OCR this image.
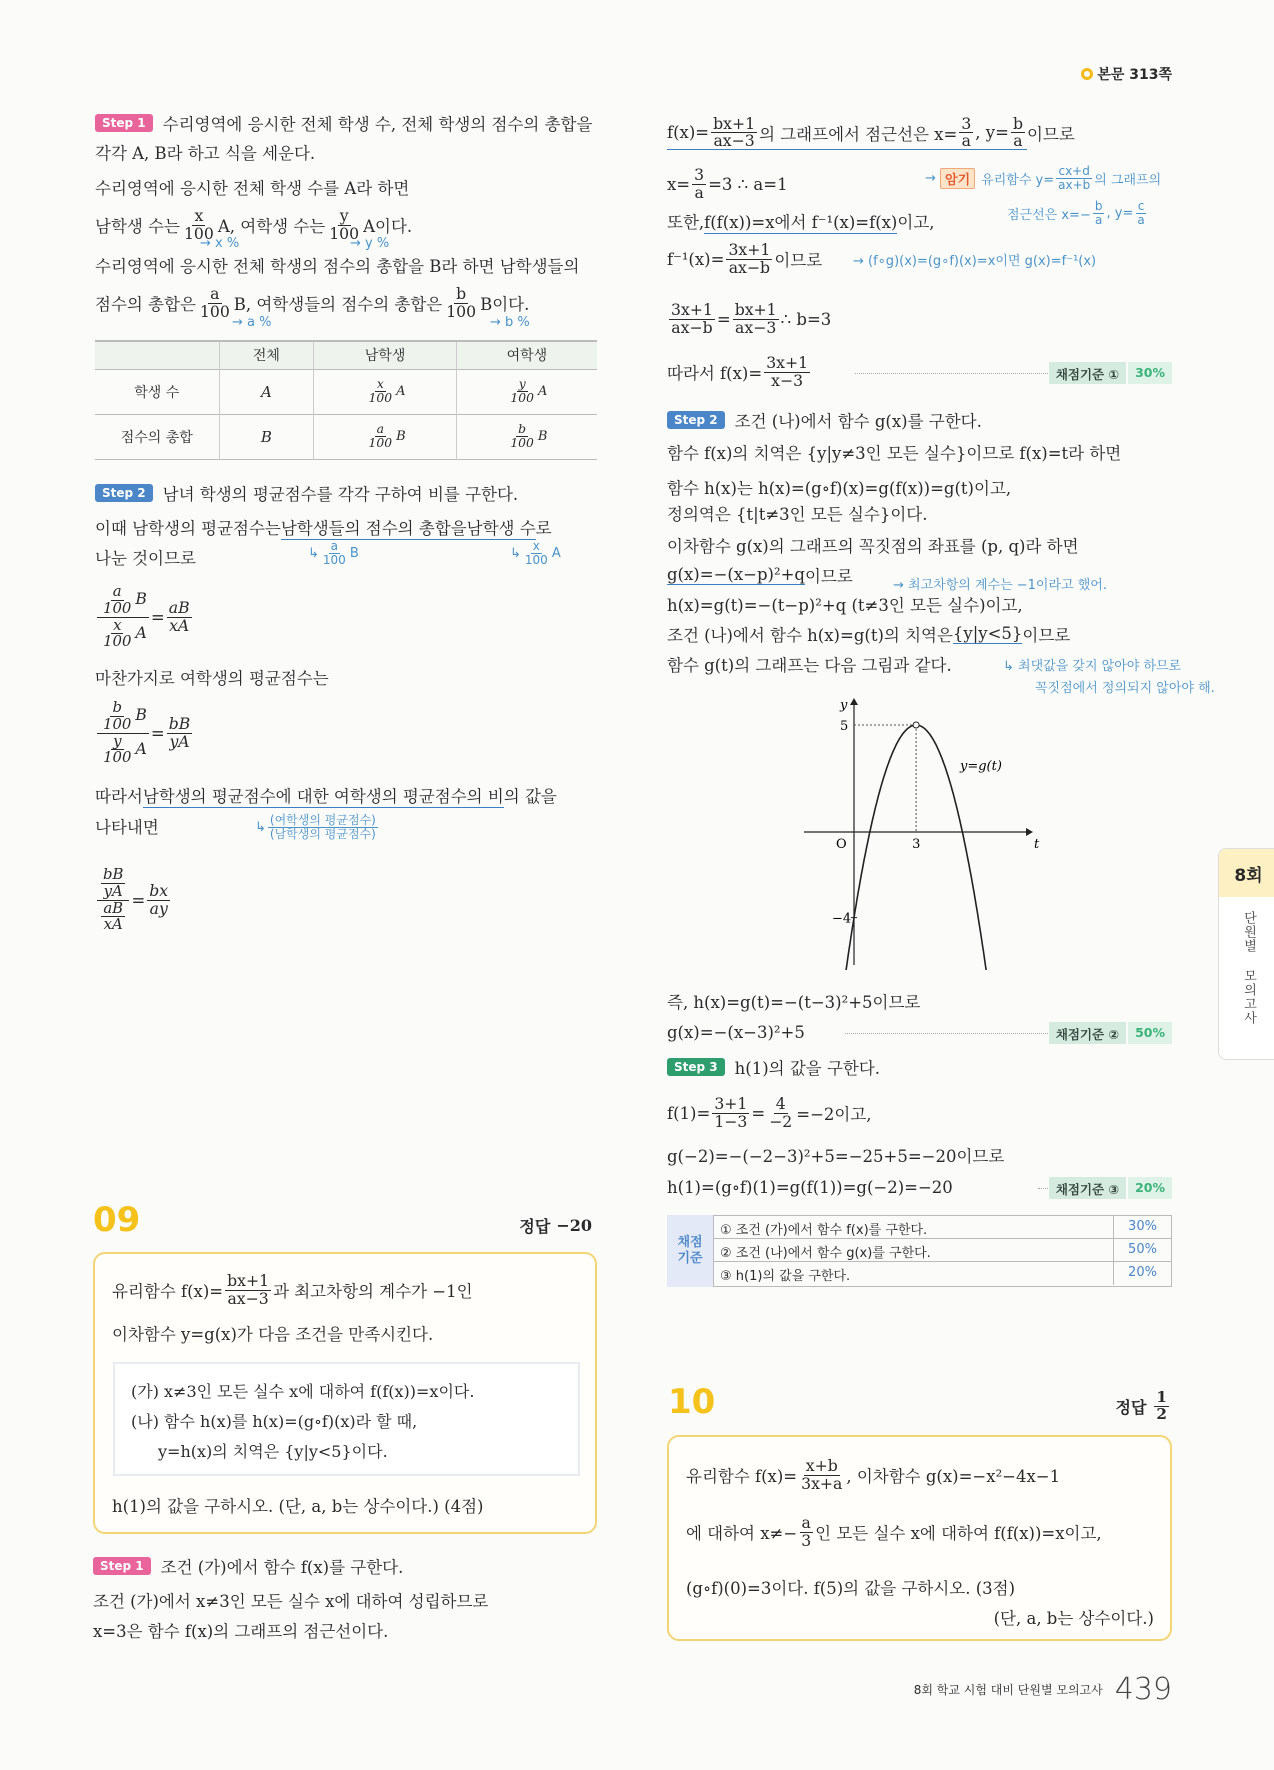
본문 313쪽
Step 1	수리영역에 응시한 전체 학생 수, 전체 학생의 점수의 총합을
각각 A, B라 하고 식을 세운다.
수리영역에 응시한 전체 학생 수를 A라 하면
남학생 수는 $\frac{x}{100} A$, 여학생 수는 $\frac{y}{100}$ A이다.
→ x %	→ y %
수리영역에 응시한 전체 학생의 점수의 총합을 B라 하면 남학생들의
점수의 총합은 $\frac{a}{100} B$, 여학생들의 점수의 총합은 $\frac{b}{100}$ B이다.
→ a %	→ b %
	전체	남학생	여학생
학생 수	A	$\frac{x}{100}$ A	$\frac{y}{100}$ A
점수의 총합	B	$\frac{a}{100}$ B	$\frac{b}{100}$ B
Step 2	남녀 학생의 평균점수를 각각 구하여 비를 구한다.
이때 남학생의 평균점수는 남학생들의 점수의 총합을 남학생 수 로
↳ $\frac{a}{100}$ B	↳ $\frac{x}{100}$ A
나눈 것이므로
$\frac{\frac{a}{100} B}{\frac{x}{100} A} = \frac{aB}{xA}$
마찬가지로 여학생의 평균점수는
$\frac{\frac{b}{100} B}{\frac{y}{100} A} = \frac{bB}{yA}$
따라서 남학생의 평균점수에 대한 여학생의 평균점수의 비 의 값을
나타내면	↳ $\frac{\text{(여학생의 평균점수)}}{\text{(남학생의 평균점수)}}$
$\frac{\frac{bB}{yA}}{\frac{aB}{xA}} = \frac{bx}{ay}$
09	정답 −20
유리함수 $f(x)= \frac{bx+1}{ax-3}$ 과 최고차항의 계수가 −1인
이차함수 y=g(x)가 다음 조건을 만족시킨다.
(가) x≠3인 모든 실수 x에 대하여 f(f(x))=x이다.
(나) 함수 h(x)를 h(x)=(g∘f)(x)라 할 때,
y=h(x)의 치역은 {y|y<5}이다.
h(1)의 값을 구하시오. (단, a, b는 상수이다.) (4점)
Step 1	조건 (가)에서 함수 f(x)를 구한다.
조건 (가)에서 x≠3인 모든 실수 x에 대하여 성립하므로
x=3은 함수 f(x)의 그래프의 점근선이다.
$f(x)= \frac{bx+1}{ax-3}$ 의 그래프에서 점근선은 $x= \frac{3}{a}$ , $y= \frac{b}{a}$ 이므로
→ 암기 유리함수 $y= \frac{cx+d}{ax+b}$ 의 그래프의
점근선은 $x=- \frac{b}{a}$ , $y= \frac{c}{a}$
$x= \frac{3}{a} =3$ ∴ a=1
또한, f(f(x))=x에서 f⁻¹(x)=f(x) 이고,
$f^{-1}(x)= \frac{3x+1}{ax-b}$ 이므로 → (f∘g)(x)=(g∘f)(x)=x이면 g(x)=f⁻¹(x)
$\frac{3x+1}{ax-b} = \frac{bx+1}{ax-3}$ ∴ b=3
따라서 $f(x)= \frac{3x+1}{x-3}$	채점기준 ①	30%
Step 2	조건 (나)에서 함수 g(x)를 구한다.
함수 f(x)의 치역은 {y|y≠3인 모든 실수}이므로 f(x)=t라 하면
함수 h(x)는 h(x)=(g∘f)(x)=g(f(x))=g(t)이고,
정의역은 {t|t≠3인 모든 실수}이다.
이차함수 g(x)의 그래프의 꼭짓점의 좌표를 (p, q)라 하면
g(x)=−(x−p)²+q 이므로	→ 최고차항의 계수는 −1이라고 했어.
h(x)=g(t)=−(t−p)²+q (t≠3인 모든 실수)이고,
조건 (나)에서 함수 h(x)=g(t)의 치역은 {y|y<5} 이므로
함수 g(t)의 그래프는 다음 그림과 같다.	↳ 최댓값을 갖지 않아야 하므로
꼭짓점에서 정의되지 않아야 해.
y
t
O	3
5
−4
y=g(t)
즉, h(x)=g(t)=−(t−3)²+5이므로
g(x)=−(x−3)²+5	채점기준 ②	50%
Step 3	h(1)의 값을 구한다.
$f(1)= \frac{3+1}{1-3} = \frac{4}{-2} =-2$이고,
g(−2)=−(−2−3)²+5=−25+5=−20이므로
h(1)=(g∘f)(1)=g(f(1))=g(−2)=−20	채점기준 ③	20%
채점
기준
① 조건 (가)에서 함수 f(x)를 구한다.	30%
② 조건 (나)에서 함수 g(x)를 구한다.	50%
③ h(1)의 값을 구한다.	20%
10	정답 $\frac{1}{2}$
유리함수 $f(x)= \frac{x+b}{3x+a}$ , 이차함수 g(x)=−x²−4x−1
에 대하여 $x\ne- \frac{a}{3}$ 인 모든 실수 x에 대하여 f(f(x))=x이고,
(g∘f)(0)=3이다. f(5)의 값을 구하시오. (3점)
(단, a, b는 상수이다.)
8회
단원별 모의고사
8회 학교 시험 대비 단원별 모의고사 439
